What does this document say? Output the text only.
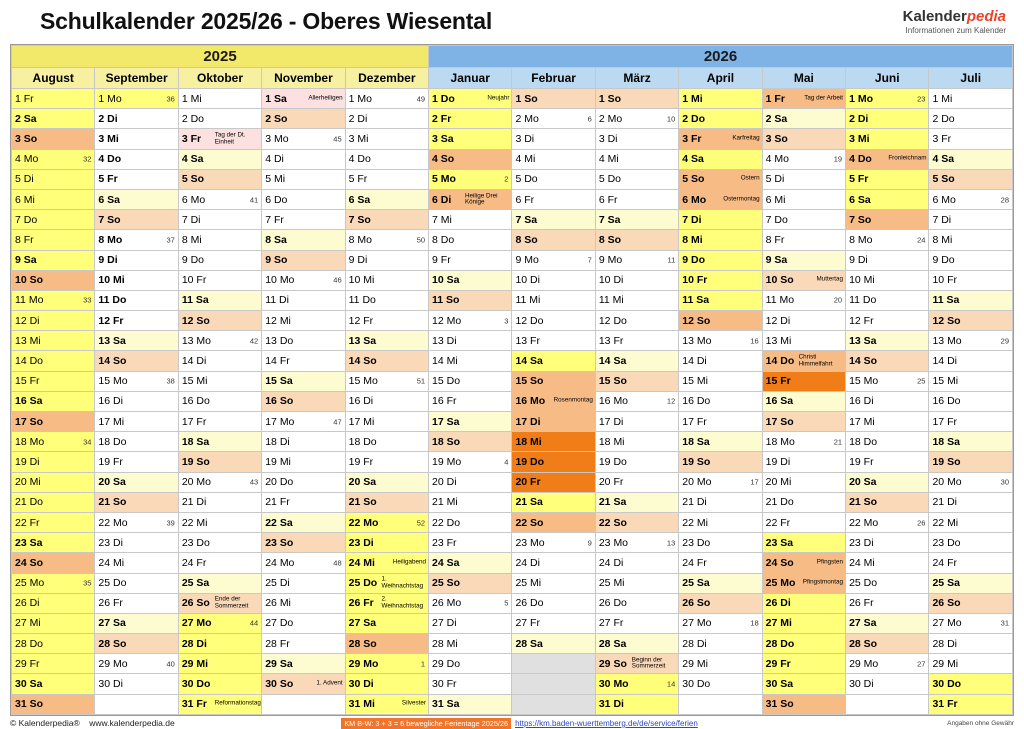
Schulkalender 2025/26 - Oberes Wiesental	Kalenderpedia
Informationen zum Kalender
2025					2026						
August	September	Oktober	November	Dezember	Januar	Februar	März	April	Mai	Juni	Juli
1 Fr	1 Mo 36	1 Mi	1 Sa Allerheiligen	1 Mo 49	1 Do Neujahr	1 So	1 So	1 Mi	1 Fr Tag der Arbeit	1 Mo 23	1 Mi
2 Sa	2 Di	2 Do	2 So	2 Di	2 Fr	2 Mo 6	2 Mo 10	2 Do	2 Sa	2 Di	2 Do
3 So	3 Mi	3 Fr Tag der Dt. Einheit	3 Mo 45	3 Mi	3 Sa	3 Di	3 Di	3 Fr Karfreitag	3 So	3 Mi	3 Fr
4 Mo 32	4 Do	4 Sa	4 Di	4 Do	4 So	4 Mi	4 Mi	4 Sa	4 Mo 19	4 Do Fronleichnam	4 Sa
5 Di	5 Fr	5 So	5 Mi	5 Fr	5 Mo 2	5 Do	5 Do	5 So Ostern	5 Di	5 Fr	5 So
6 Mi	6 Sa	6 Mo 41	6 Do	6 Sa	6 Di Heilige Drei Könige	6 Fr	6 Fr	6 Mo Ostermontag	6 Mi	6 Sa	6 Mo 28

7 Do	7 So	7 Di	7 Fr	7 So	7 Mi	7 Sa	7 Sa	7 Di	7 Do	7 So	7 Di
8 Fr	8 Mo 37	8 Mi	8 Sa	8 Mo 50	8 Do	8 So	8 So	8 Mi	8 Fr	8 Mo 24	8 Mi
9 Sa	9 Di	9 Do	9 So	9 Di	9 Fr	9 Mo 7	9 Mo 11	9 Do	9 Sa	9 Di	9 Do
10 So	10 Mi	10 Fr	10 Mo 46	10 Mi	10 Sa	10 Di	10 Di	10 Fr	10 So Muttertag	10 Mi	10 Fr
11 Mo 33	11 Do	11 Sa	11 Di	11 Do	11 So	11 Mi	11 Mi	11 Sa	11 Mo 20	11 Do	11 Sa
12 Di	12 Fr	12 So	12 Mi	12 Fr	12 Mo 3	12 Do	12 Do	12 So	12 Di	12 Fr	12 So
13 Mi	13 Sa	13 Mo 42	13 Do	13 Sa	13 Di	13 Fr	13 Fr	13 Mo 16	13 Mi	13 Sa	13 Mo 29

14 Do	14 So	14 Di	14 Fr	14 So	14 Mi	14 Sa	14 Sa	14 Di	14 Do Christi Himmelfahrt	14 So	14 Di
15 Fr	15 Mo 38	15 Mi	15 Sa	15 Mo 51	15 Do	15 So	15 So	15 Mi	15 Fr	15 Mo 25	15 Mi
16 Sa	16 Di	16 Do	16 So	16 Di	16 Fr	16 Mo Rosenmontag	16 Mo 12	16 Do	16 Sa	16 Di	16 Do
17 So	17 Mi	17 Fr	17 Mo 47	17 Mi	17 Sa	17 Di	17 Di	17 Fr	17 So	17 Mi	17 Fr
18 Mo 34	18 Do	18 Sa	18 Di	18 Do	18 So	18 Mi	18 Mi	18 Sa	18 Mo 21	18 Do	18 Sa
19 Di	19 Fr	19 So	19 Mi	19 Fr	19 Mo 4	19 Do	19 Do	19 So	19 Di	19 Fr	19 So
20 Mi	20 Sa	20 Mo 43	20 Do	20 Sa	20 Di	20 Fr	20 Fr	20 Mo 17	20 Mi	20 Sa	20 Mo 30

21 Do	21 So	21 Di	21 Fr	21 So	21 Mi	21 Sa	21 Sa	21 Di	21 Do	21 So	21 Di
22 Fr	22 Mo 39	22 Mi	22 Sa	22 Mo 52	22 Do	22 So	22 So	22 Mi	22 Fr	22 Mo 26	22 Mi
23 Sa	23 Di	23 Do	23 So	23 Di	23 Fr	23 Mo 9	23 Mo 13	23 Do	23 Sa	23 Di	23 Do
24 So	24 Mi	24 Fr	24 Mo 48	24 Mi Heiligabend	24 Sa	24 Di	24 Di	24 Fr	24 So Pfingsten	24 Mi	24 Fr
25 Mo 35	25 Do	25 Sa	25 Di	25 Do 1. Weihnachtstag	25 So	25 Mi	25 Mi	25 Sa	25 Mo Pfingstmontag	25 Do	25 Sa
26 Di	26 Fr	26 So Ende der Sommerzeit	26 Mi	26 Fr 2. Weihnachtstag	26 Mo 5	26 Do	26 Do	26 So	26 Di	26 Fr	26 So
27 Mi	27 Sa	27 Mo 44	27 Do	27 Sa	27 Di	27 Fr	27 Fr	27 Mo 18	27 Mi	27 Sa	27 Mo 31

28 Do	28 So	28 Di	28 Fr	28 So	28 Mi	28 Sa	28 Sa	28 Di	28 Do	28 So	28 Di
29 Fr	29 Mo 40	29 Mi	29 Sa	29 Mo 1	29 Do		29 So Beginn der Sommerzeit	29 Mi	29 Fr	29 Mo 27	29 Mi
30 Sa	30 Di	30 Do	30 So 1. Advent	30 Di	30 Fr		30 Mo 14	30 Do	30 Sa	30 Di	30 Do
31 So		31 Fr Reformationstag		31 Mi Silvester	31 Sa		31 Di		31 So		31 Fr
© Kalenderpedia® www.kalenderpedia.de	KM B-W: 3 + 3 = 6 bewegliche Ferientage 2025/26 https://km.baden-wuerttemberg.de/de/service/ferien	Angaben ohne Gewähr
